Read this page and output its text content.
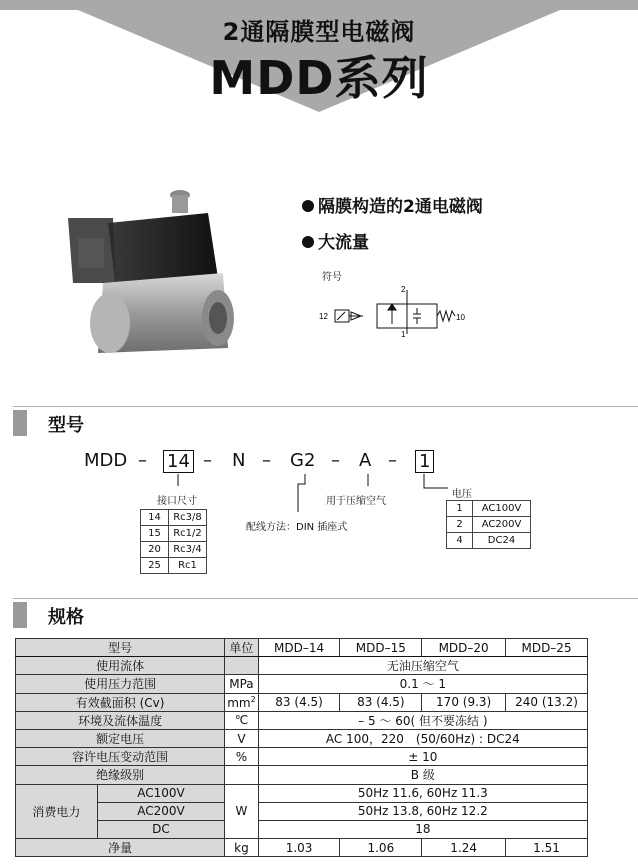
2通隔膜型电磁阀
MDD系列
隔膜构造的2通电磁阀
大流量
符号
12	10
2
1
型号
MDD – 14 – N – G2 – A – 1
接口尺寸
14	Rc3/8
15	Rc1/2
20	Rc3/4
25	Rc1
配线方法：DIN 插座式
用于压缩空气
电压
1	AC100V
2	AC200V
4	DC24
规格
型号		单位	MDD–14	MDD–15	MDD–20	MDD–25
使用流体			无油压缩空气			
使用压力范围		MPa	0.1 ～ 1			
有效截面积 (Cv)		$mm^2$	83 (4.5)	83 (4.5)	170 (9.3)	240 (13.2)
环境及流体温度		℃	– 5 ～ 60( 但不要冻结 )			
额定电压		V	AC 100，220　(50/60Hz) : DC24			
容许电压变动范围		%	± 10			
绝缘级别			B 级			
消费电力	AC100V	W	50Hz 11.6, 60Hz 11.3			
	AC200V		50Hz 13.8, 60Hz 12.2			
	DC		18			
净量		kg	1.03	1.06	1.24	1.51
